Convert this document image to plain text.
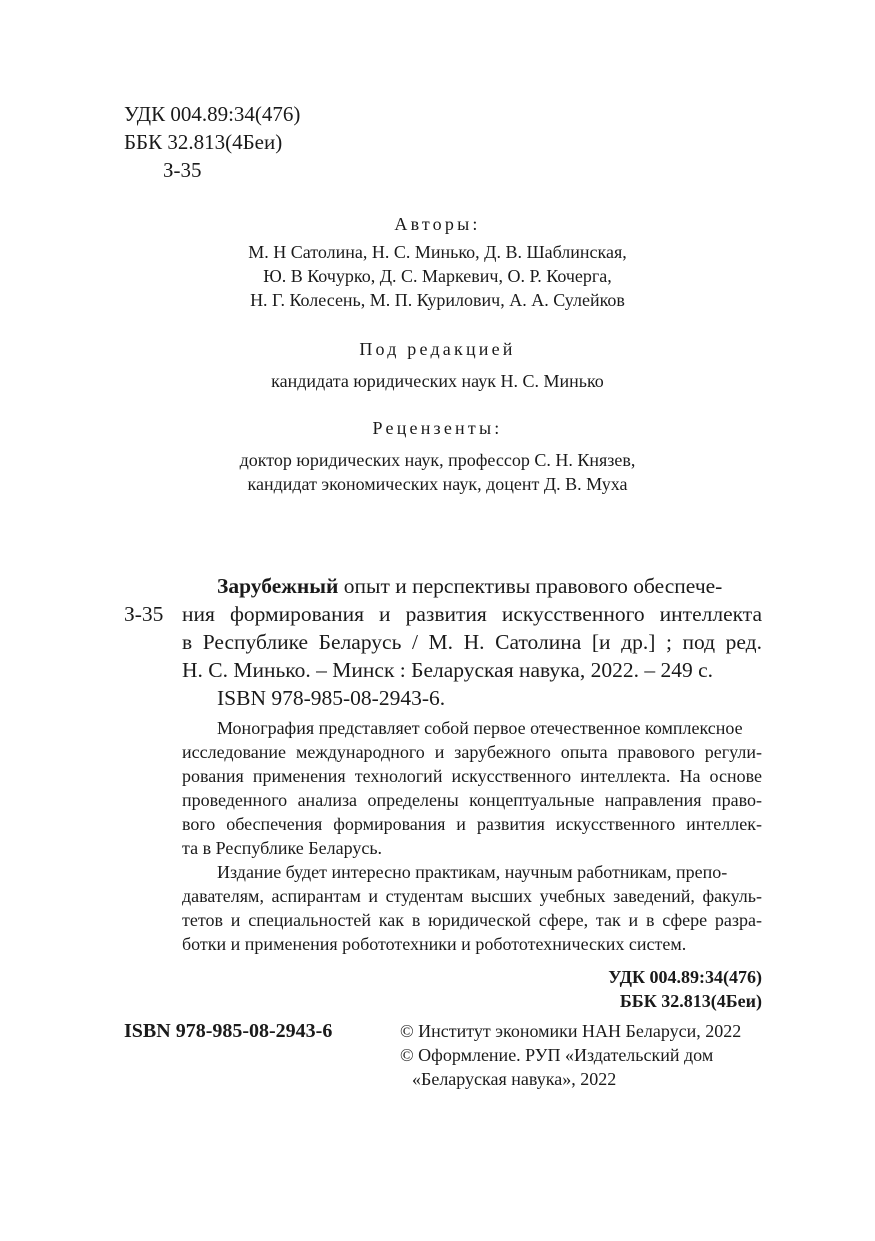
УДК 004.89:34(476)
ББК 32.813(4Беи)
З-35
Авторы:
М. Н Сатолина, Н. С. Минько, Д. В. Шаблинская,
Ю. В Кочурко, Д. С. Маркевич, О. Р. Кочерга,
Н. Г. Колесень, М. П. Курилович, А. А. Сулейков
Под редакцией
кандидата юридических наук Н. С. Минько
Рецензенты:
доктор юридических наук, профессор С. Н. Князев,
кандидат экономических наук, доцент Д. В. Муха
З-35
Зарубежный опыт и перспективы правового обеспече-
ния формирования и развития искусственного интеллекта
в Республике Беларусь / М. Н. Сатолина [и др.] ; под ред.
Н. С. Минько. – Минск : Беларуская навука, 2022. – 249 с.
ISBN 978-985-08-2943-6.
Монография представляет собой первое отечественное комплексное
исследование международного и зарубежного опыта правового регули-
рования применения технологий искусственного интеллекта. На основе
проведенного анализа определены концептуальные направления право-
вого обеспечения формирования и развития искусственного интеллек-
та в Республике Беларусь.
Издание будет интересно практикам, научным работникам, препо-
давателям, аспирантам и студентам высших учебных заведений, факуль-
тетов и специальностей как в юридической сфере, так и в сфере разра-
ботки и применения робототехники и робототехнических систем.
УДК 004.89:34(476)
ББК 32.813(4Беи)
ISBN 978-985-08-2943-6	© Институт экономики НАН Беларуси, 2022
© Оформление. РУП «Издательский дом
«Беларуская навука», 2022
